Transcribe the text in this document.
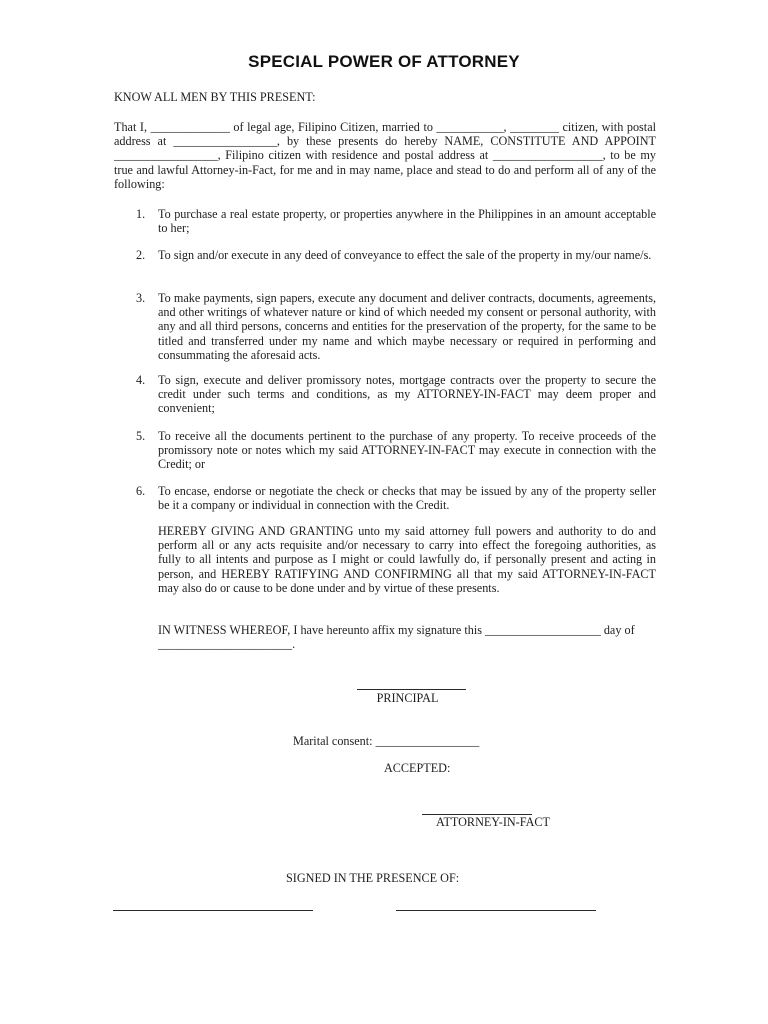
SPECIAL POWER OF ATTORNEY
KNOW ALL MEN BY THIS PRESENT:
That I, _____________ of legal age, Filipino Citizen, married to ___________, ________ citizen, with postal address at _________________, by these presents do hereby NAME, CONSTITUTE AND APPOINT _________________, Filipino citizen with residence and postal address at __________________, to be my true and lawful Attorney-in-Fact, for me and in may name, place and stead to do and perform all of any of the following:
1.	To purchase a real estate property, or properties anywhere in the Philippines in an amount acceptable to her;
2.	To sign and/or execute in any deed of conveyance to effect the sale of the property in my/our name/s.
3.	To make payments, sign papers, execute any document and deliver contracts, documents, agreements, and other writings of whatever nature or kind of which needed my consent or personal authority, with any and all third persons, concerns and entities for the preservation of the property, for the same to be titled and transferred under my name and which maybe necessary or required in performing and consummating the aforesaid acts.
4.	To sign, execute and deliver promissory notes, mortgage contracts over the property to secure the credit under such terms and conditions, as my ATTORNEY-IN-FACT may deem proper and convenient;
5.	To receive all the documents pertinent to the purchase of any property. To receive proceeds of the promissory note or notes which my said ATTORNEY-IN-FACT may execute in connection with the Credit; or
6.	To encase, endorse or negotiate the check or checks that may be issued by any of the property seller be it a company or individual in connection with the Credit.
HEREBY GIVING AND GRANTING unto my said attorney full powers and authority to do and perform all or any acts requisite and/or necessary to carry into effect the foregoing authorities, as fully to all intents and purpose as I might or could lawfully do, if personally present and acting in person, and HEREBY RATIFYING AND CONFIRMING all that my said ATTORNEY-IN-FACT may also do or cause to be done under and by virtue of these presents.
IN WITNESS WHEREOF, I have hereunto affix my signature this ___________________ day of ______________________.
PRINCIPAL
Marital consent: _________________
ACCEPTED:
ATTORNEY-IN-FACT
SIGNED IN THE PRESENCE OF:
